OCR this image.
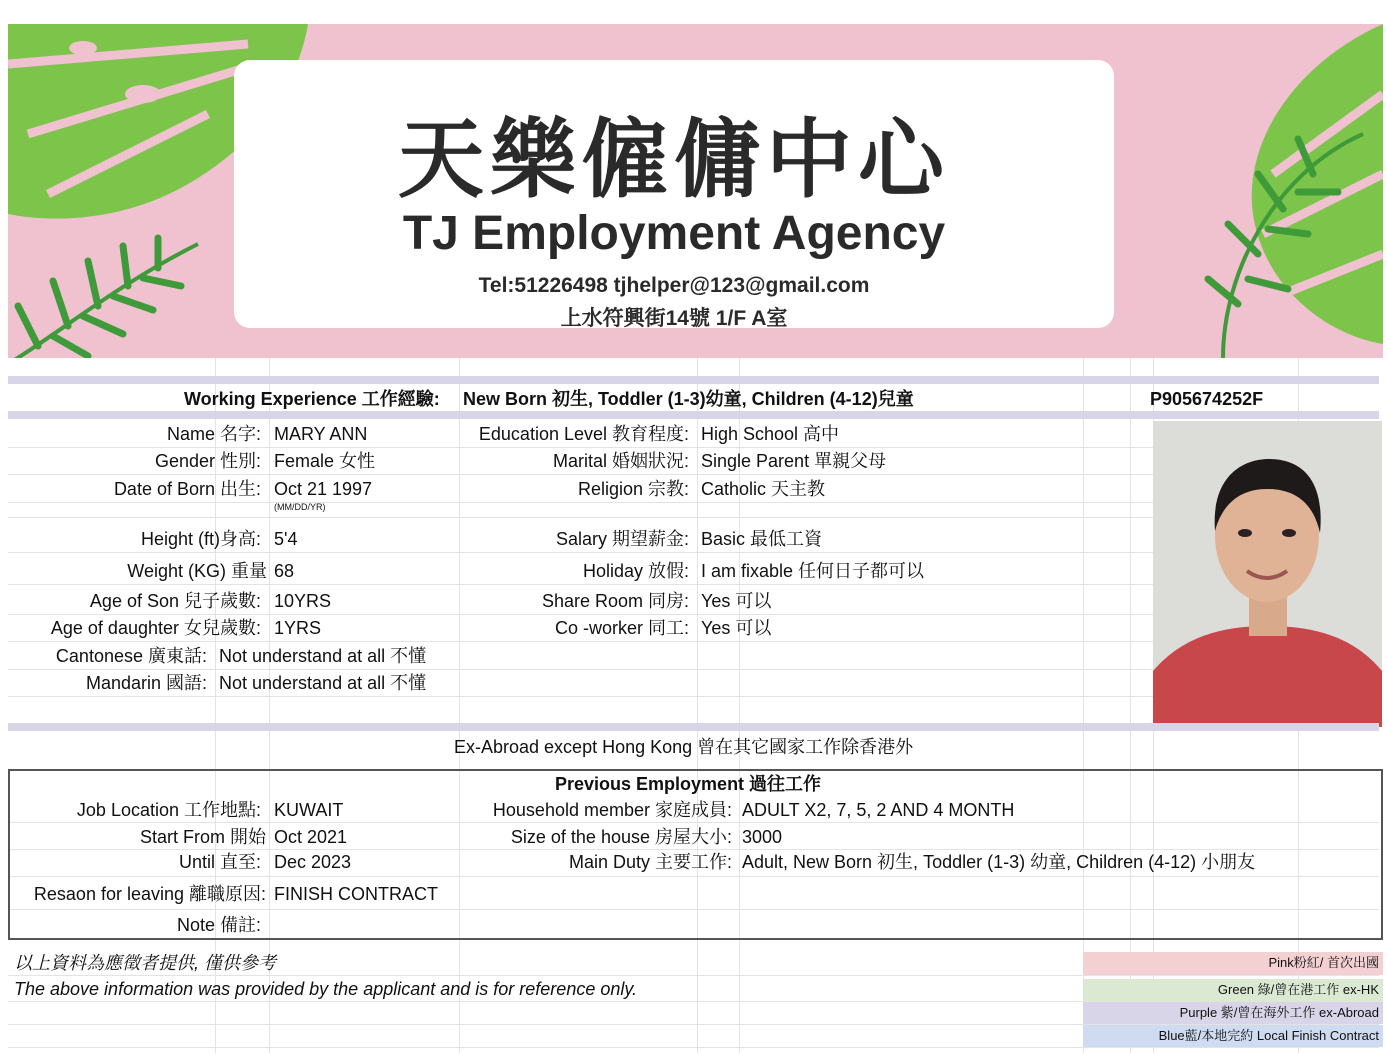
天樂僱傭中心
TJ Employment Agency
Tel:51226498 tjhelper@123@gmail.com
上水符興街14號 1/F A室
Working Experience 工作經驗: New Born 初生, Toddler (1-3)幼童, Children (4-12)兒童	P905674252F
Name 名字: MARY ANN
Gender 性別: Female 女性
Date of Born 出生: Oct 21 1997
(MM/DD/YR)
Height (ft)身高: 5'4
Weight (KG) 重量 68
Age of Son 兒子歲數: 10YRS
Age of daughter 女兒歲數: 1YRS
Cantonese 廣東話: Not understand at all 不懂
Mandarin 國語: Not understand at all 不懂
Education Level 教育程度: High School 高中
Marital 婚姻狀況: Single Parent 單親父母
Religion 宗教: Catholic 天主教
Salary 期望薪金: Basic 最低工資
Holiday 放假: I am fixable 任何日子都可以
Share Room 同房: Yes 可以
Co -worker 同工: Yes 可以
Ex-Abroad except Hong Kong 曾在其它國家工作除香港外
Previous Employment 過往工作
Job Location 工作地點: KUWAIT
Start From 開始 Oct 2021
Until 直至: Dec 2023
Household member 家庭成員: ADULT X2, 7, 5, 2 AND 4 MONTH
Size of the house 房屋大小: 3000
Main Duty 主要工作: Adult, New Born 初生, Toddler (1-3) 幼童, Children (4-12) 小朋友
Resaon for leaving 離職原因: FINISH CONTRACT
Note 備註:
以上資料為應徵者提供, 僅供參考
The above information was provided by the applicant and is for reference only.
Pink粉紅/ 首次出國
Green 綠/曾在港工作 ex-HK
Purple 紫/曾在海外工作 ex-Abroad
Blue藍/本地完約 Local Finish Contract
